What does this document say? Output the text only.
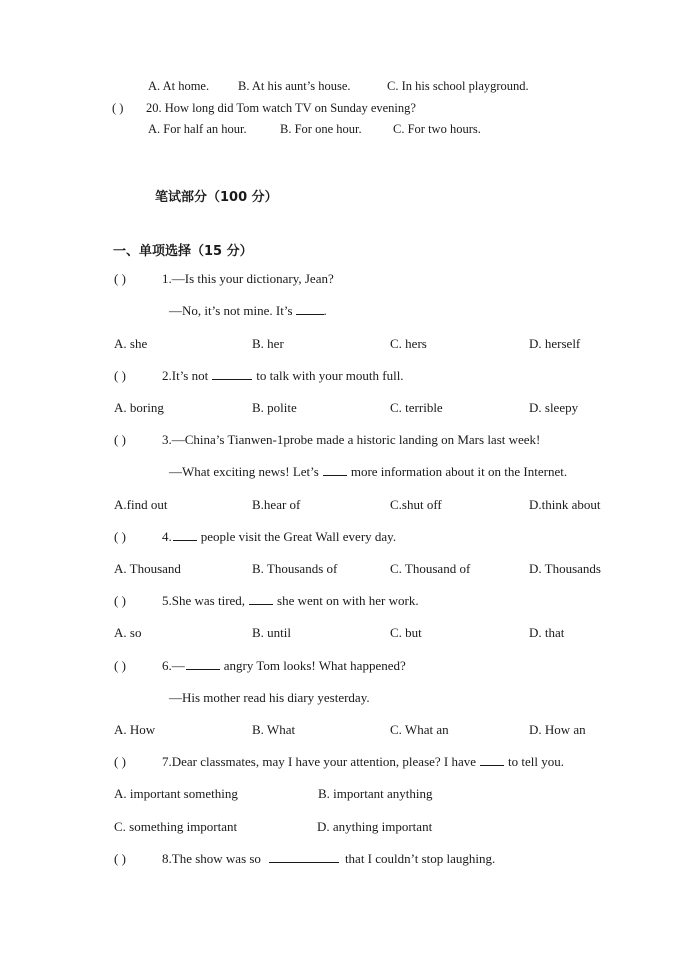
A. At home. B. At his aunt’s house.	C. In his school playground.
( ) 20. How long did Tom watch TV on Sunday evening?
A. For half an hour.	B. For one hour.	C. For two hours.
笔试部分（100 分）
一、单项选择（15 分）
( )	1.—Is this your dictionary, Jean?
—No, it’s not mine. It’s .
A. she	B. her	C. hers	D. herself
( )	2.It’s not	to talk with your mouth full.
A. boring	B. polite	C. terrible	D. sleepy
( )	3.—China’s Tianwen-1probe made a historic landing on Mars last week!
—What exciting news! Let’s more information about it on the Internet.
A.find out	B.hear of	C.shut off	D.think about
( )	4. people visit the Great Wall every day.
A. Thousand	B. Thousands of	C. Thousand of	D. Thousands
( )	5.She was tired, she went on with her work.
A. so	B. until	C. but	D. that
( )	6.—	angry Tom looks! What happened?
—His mother read his diary yesterday.
A. How	B. What	C. What an	D. How an
( )	7.Dear classmates, may I have your attention, please? I have to tell you.
A. important something	B. important anything
C. something important	D. anything important
( )	8.The show was so	that I couldn’t stop laughing.
